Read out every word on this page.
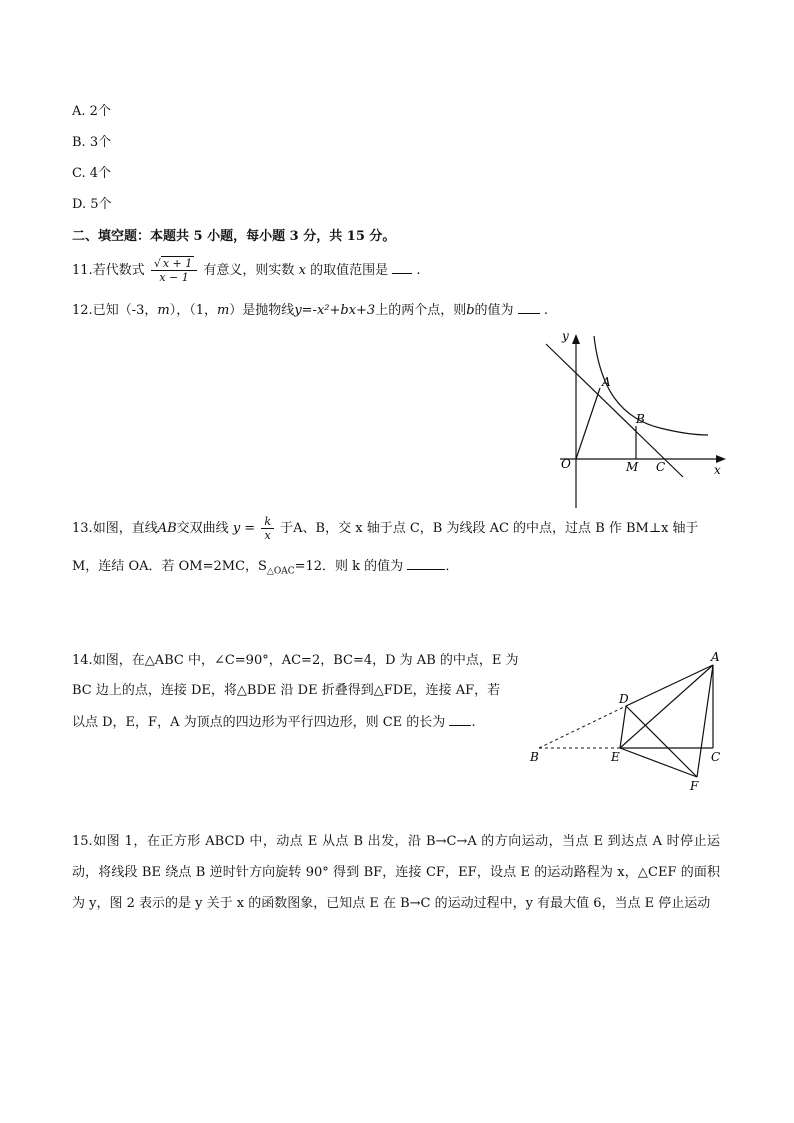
A. 2个
B. 3个
C. 4个
D. 5个
二、填空题：本题共 5 小题，每小题 3 分，共 15 分。
11.若代数式 $\frac{√ x + 1}{x - 1}$ 有意义，则实数 x 的取值范围是 .
12.已知（-3，m），（1，m）是抛物线y=-x²+bx+3上的两个点，则b的值为 .
y
A
B
O	M C	x
13.如图，直线AB交双曲线 $y = \frac{k}{x}$ 于A、B，交 x 轴于点 C，B 为线段 AC 的中点，过点 B 作 BM⊥x 轴于
M，连结 OA．若 OM=2MC，$S_{\triangle OAC}=12$．则 k 的值为	．
14.如图，在△ABC 中，∠C=90°，AC=2，BC=4，D 为 AB 的中点，E 为
BC 边上的点，连接 DE，将△BDE 沿 DE 折叠得到△FDE，连接 AF，若
以点 D，E，F，A 为顶点的四边形为平行四边形，则 CE 的长为 .
A
D
B	E	C
F
15.如图 1，在正方形 ABCD 中，动点 E 从点 B 出发，沿 B→C→A 的方向运动，当点 E 到达点 A 时停止运动，将线段 BE 绕点 B 逆时针方向旋转 90° 得到 BF，连接 CF，EF，设点 E 的运动路程为 x，△CEF 的面积为 y，图 2 表示的是 y 关于 x 的函数图象，已知点 E 在 B→C 的运动过程中，y 有最大值 6，当点 E 停止运动
